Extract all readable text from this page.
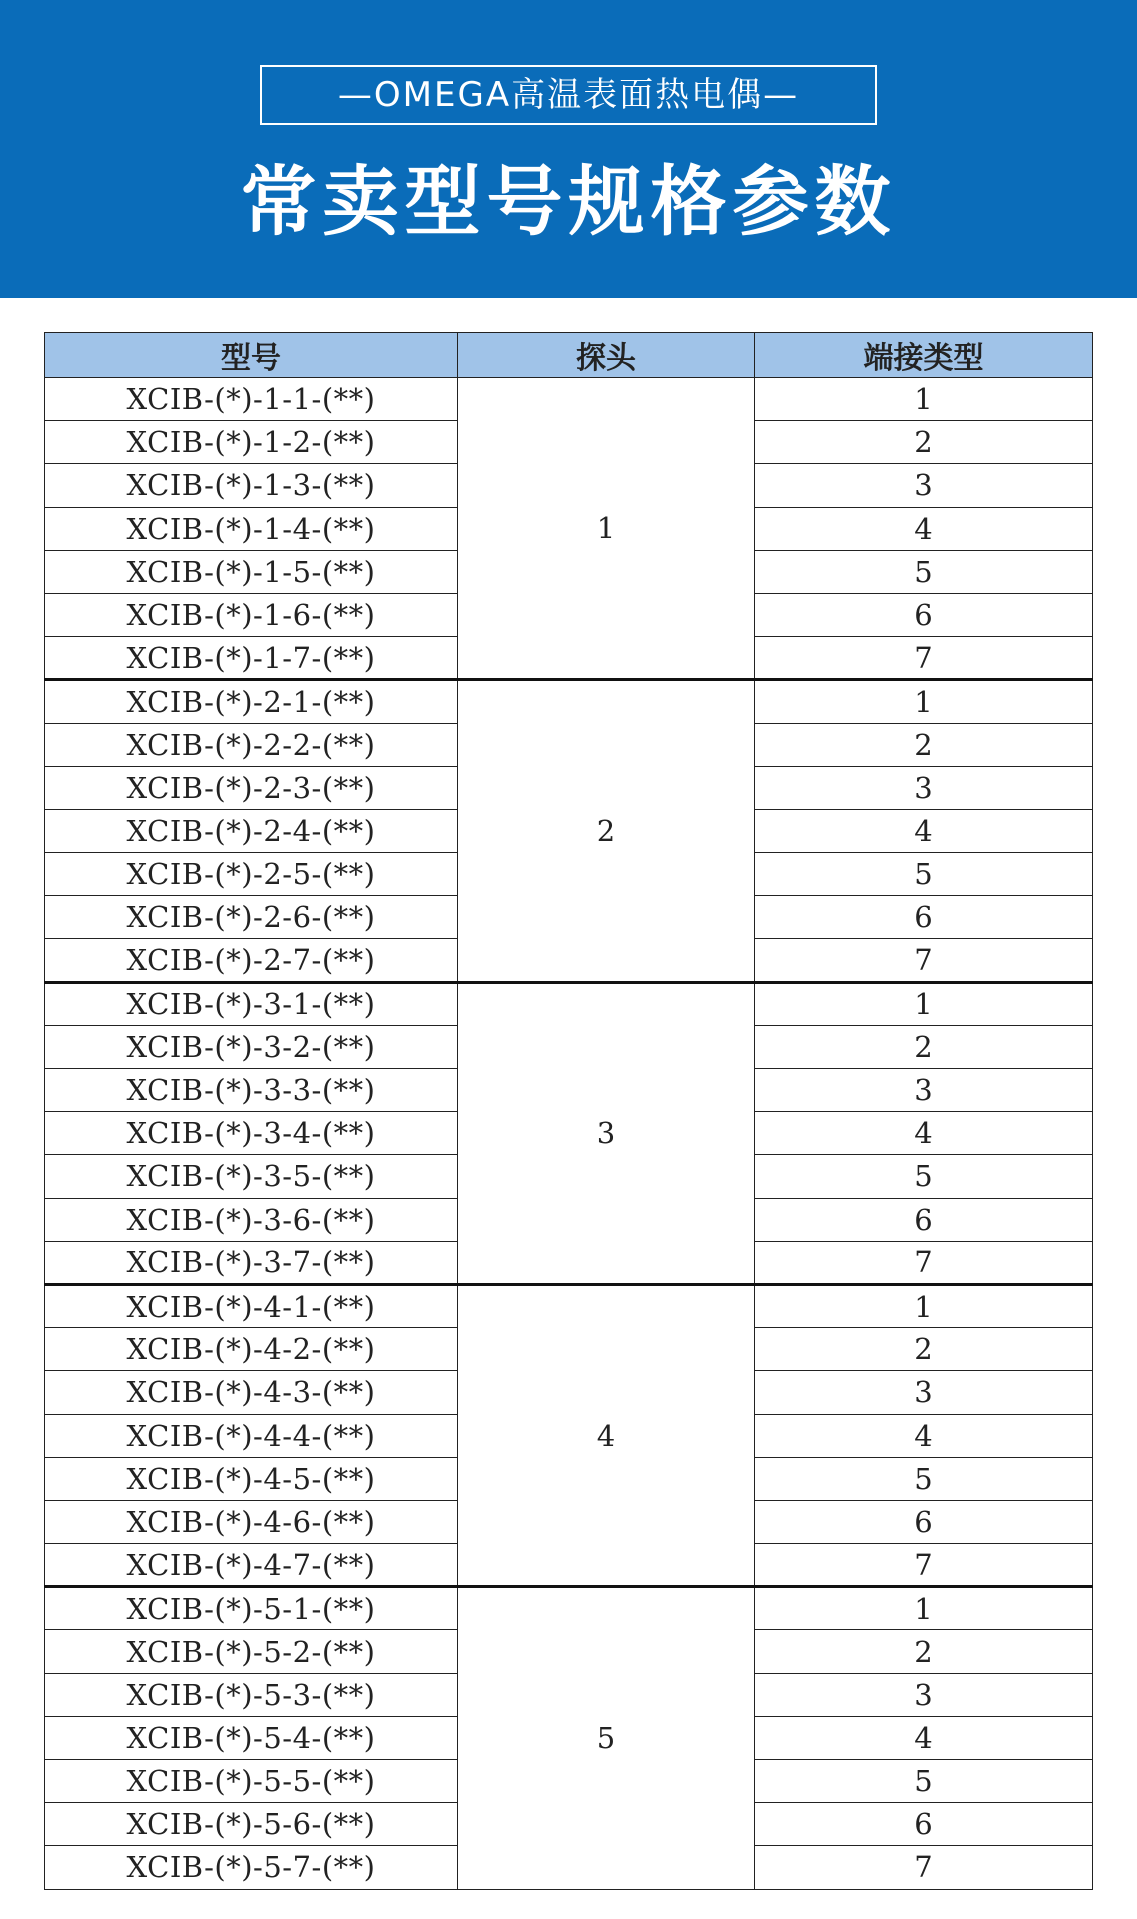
—OMEGA高温表面热电偶—
常卖型号规格参数
型号	探头	端接类型
XCIB-(*)-1-1-(**)	1	1
XCIB-(*)-1-2-(**)		2
XCIB-(*)-1-3-(**)		3
XCIB-(*)-1-4-(**)		4
XCIB-(*)-1-5-(**)		5
XCIB-(*)-1-6-(**)		6
XCIB-(*)-1-7-(**)		7
XCIB-(*)-2-1-(**)	2	1
XCIB-(*)-2-2-(**)		2
XCIB-(*)-2-3-(**)		3
XCIB-(*)-2-4-(**)		4
XCIB-(*)-2-5-(**)		5
XCIB-(*)-2-6-(**)		6
XCIB-(*)-2-7-(**)		7
XCIB-(*)-3-1-(**)	3	1
XCIB-(*)-3-2-(**)		2
XCIB-(*)-3-3-(**)		3
XCIB-(*)-3-4-(**)		4
XCIB-(*)-3-5-(**)		5
XCIB-(*)-3-6-(**)		6
XCIB-(*)-3-7-(**)		7
XCIB-(*)-4-1-(**)	4	1
XCIB-(*)-4-2-(**)		2
XCIB-(*)-4-3-(**)		3
XCIB-(*)-4-4-(**)		4
XCIB-(*)-4-5-(**)		5
XCIB-(*)-4-6-(**)		6
XCIB-(*)-4-7-(**)		7
XCIB-(*)-5-1-(**)	5	1
XCIB-(*)-5-2-(**)		2
XCIB-(*)-5-3-(**)		3
XCIB-(*)-5-4-(**)		4
XCIB-(*)-5-5-(**)		5
XCIB-(*)-5-6-(**)		6
XCIB-(*)-5-7-(**)		7
